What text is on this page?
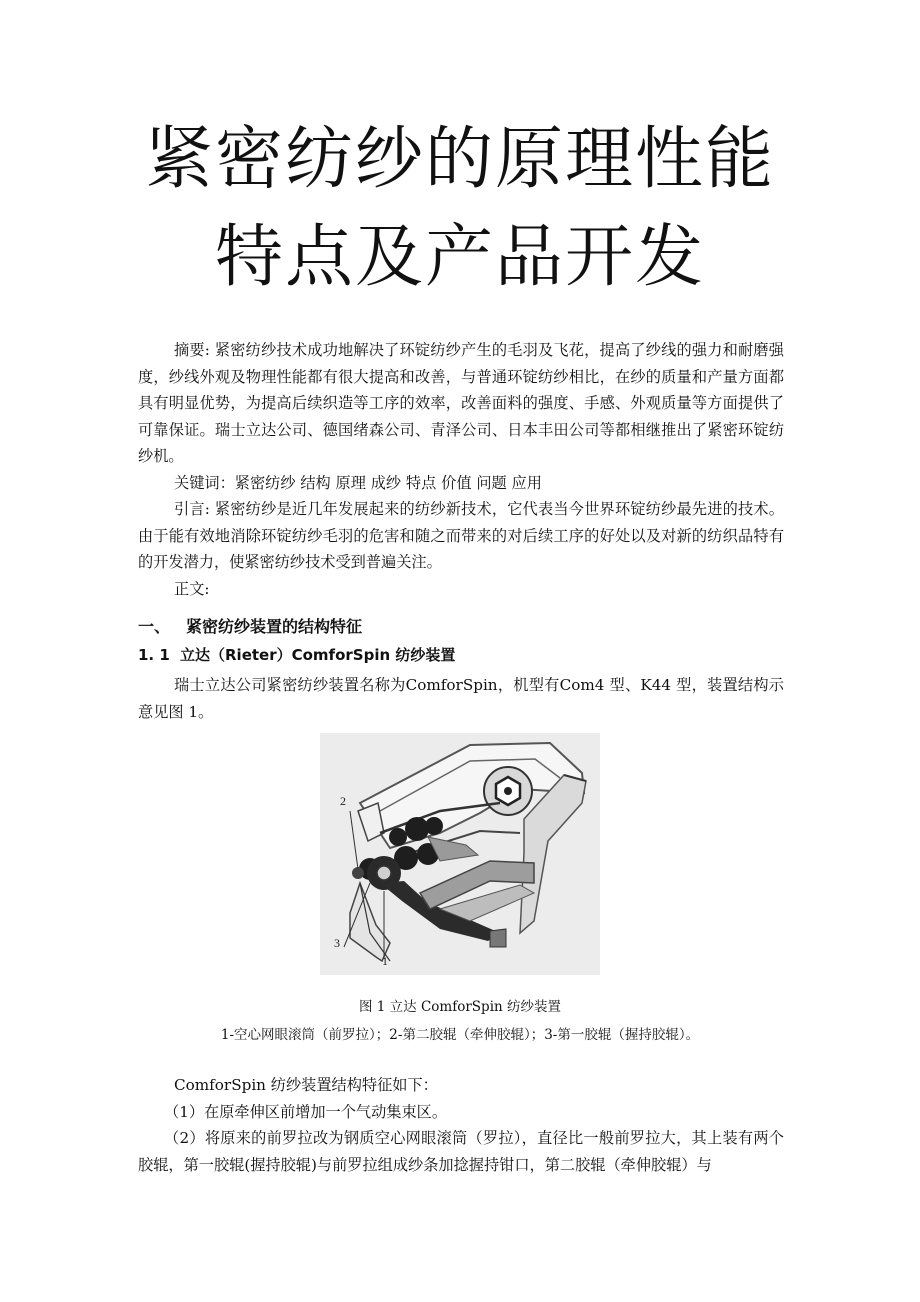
紧密纺纱的原理性能
特点及产品开发

摘要: 紧密纺纱技术成功地解决了环锭纺纱产生的毛羽及飞花，提高了纱线的强力和耐磨强度，纱线外观及物理性能都有很大提高和改善，与普通环锭纺纱相比，在纱的质量和产量方面都具有明显优势，为提高后续织造等工序的效率，改善面料的强度、手感、外观质量等方面提供了可靠保证。瑞士立达公司、德国绪森公司、青泽公司、日本丰田公司等都相继推出了紧密环锭纺纱机。

关键词：紧密纺纱 结构 原理 成纱 特点 价值 问题 应用

引言: 紧密纺纱是近几年发展起来的纺纱新技术，它代表当今世界环锭纺纱最先进的技术。由于能有效地消除环锭纺纱毛羽的危害和随之而带来的对后续工序的好处以及对新的纺织品特有的开发潜力，使紧密纺纱技术受到普遍关注。

正文:

一、 紧密纺纱装置的结构特征
1. 1 立达（Rieter）ComforSpin 纺纱装置

瑞士立达公司紧密纺纱装置名称为ComforSpin，机型有Com4 型、K44 型，装置结构示意见图 1。

2
3
1

图 1 立达 ComforSpin 纺纱装置

1-空心网眼滚筒（前罗拉）；2-第二胶辊（牵伸胶辊）；3-第一胶辊（握持胶辊）。

ComforSpin 纺纱装置结构特征如下：

（1）在原牵伸区前增加一个气动集束区。

（2）将原来的前罗拉改为钢质空心网眼滚筒（罗拉），直径比一般前罗拉大，其上装有两个胶辊，第一胶辊(握持胶辊)与前罗拉组成纱条加捻握持钳口，第二胶辊（牵伸胶辊）与
